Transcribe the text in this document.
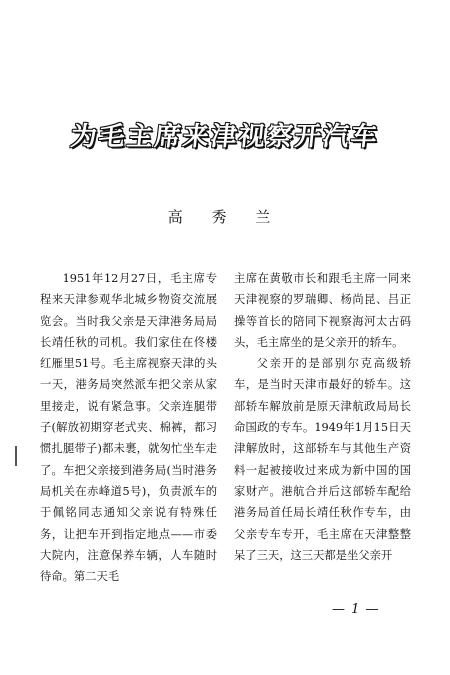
为毛主席来津视察开汽车
高 秀 兰

1951年12月27日，毛主席专程来天津参观华北城乡物资交流展览会。当时我父亲是天津港务局局长靖任秋的司机。我们家住在佟楼红雁里51号。毛主席视察天津的头一天，港务局突然派车把父亲从家里接走，说有紧急事。父亲连腿带子(解放初期穿老式夹、棉裤，都习惯扎腿带子)都未裹，就匆忙坐车走了。车把父亲接到港务局(当时港务局机关在赤峰道5号)，负责派车的于佩铭同志通知父亲说有特殊任务，让把车开到指定地点——市委大院内，注意保养车辆，人车随时待命。第二天毛

主席在黄敬市长和跟毛主席一同来天津视察的罗瑞卿、杨尚昆、吕正操等首长的陪同下视察海河太古码头，毛主席坐的是父亲开的轿车。

父亲开的是部别尔克高级轿车，是当时天津市最好的轿车。这部轿车解放前是原天津航政局局长命国政的专车。1949年1月15日天津解放时，这部轿车与其他生产资料一起被接收过来成为新中国的国家财产。港航合并后这部轿车配给港务局首任局长靖任秋作专车，由父亲专车专开，毛主席在天津整整呆了三天，这三天都是坐父亲开

— 1 —
